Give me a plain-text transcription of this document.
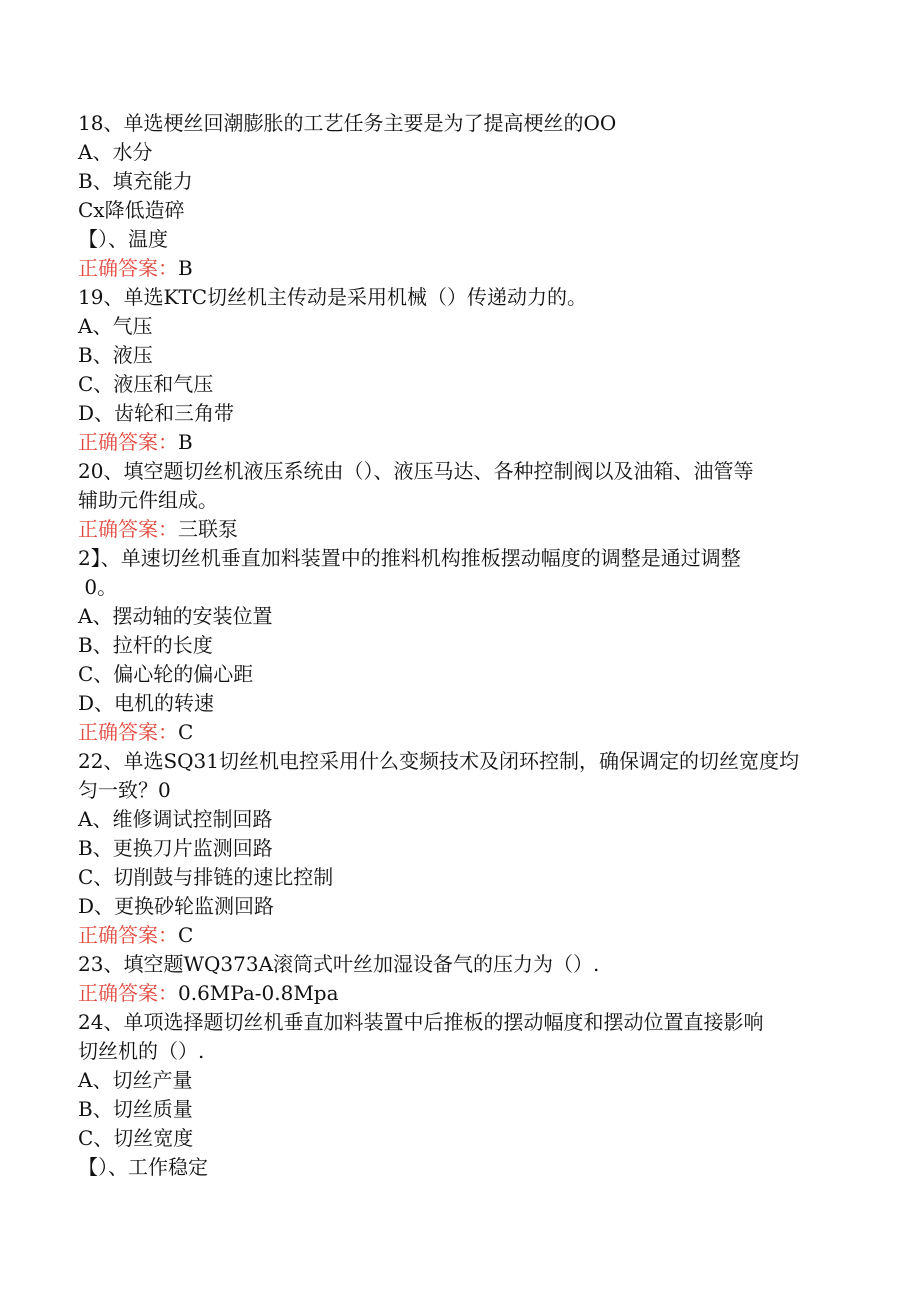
18、单选梗丝回潮膨胀的工艺任务主要是为了提高梗丝的OO
A、水分
B、填充能力
Cx降低造碎
【）、温度
正确答案：B
19、单选KTC切丝机主传动是采用机械（）传递动力的。
A、气压
B、液压
C、液压和气压
D、齿轮和三角带
正确答案：B
20、填空题切丝机液压系统由（）、液压马达、各种控制阀以及油箱、油管等
辅助元件组成。
正确答案：三联泵
2】、单速切丝机垂直加料装置中的推料机构推板摆动幅度的调整是通过调整
0。
A、摆动轴的安装位置
B、拉杆的长度
C、偏心轮的偏心距
D、电机的转速
正确答案：C
22、单选SQ31切丝机电控采用什么变频技术及闭环控制，确保调定的切丝宽度均
匀一致？0
A、维修调试控制回路
B、更换刀片监测回路
C、切削鼓与排链的速比控制
D、更换砂轮监测回路
正确答案：C
23、填空题WQ373A滚筒式叶丝加湿设备气的压力为（）.
正确答案：0.6MPa-0.8Mpa
24、单项选择题切丝机垂直加料装置中后推板的摆动幅度和摆动位置直接影响
切丝机的（）.
A、切丝产量
B、切丝质量
C、切丝宽度
【）、工作稳定
